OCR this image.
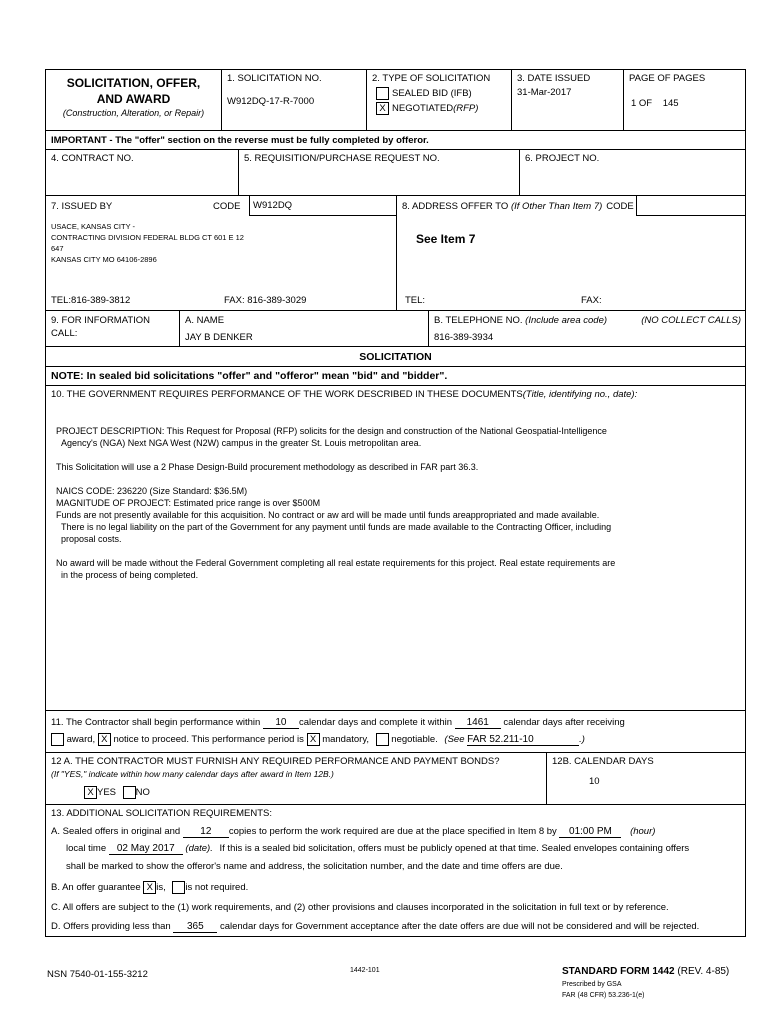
SOLICITATION, OFFER,
AND AWARD
(Construction, Alteration, or Repair)
1. SOLICITATION NO.
W912DQ-17-R-7000
2. TYPE OF SOLICITATION
SEALED BID (IFB)
X NEGOTIATED(RFP)
3. DATE ISSUED
31-Mar-2017
PAGE OF PAGES
1 OF 145
IMPORTANT - The "offer" section on the reverse must be fully completed by offeror.
4. CONTRACT NO.	5. REQUISITION/PURCHASE REQUEST NO.	6. PROJECT NO.
7. ISSUED BY	CODE	W912DQ
USACE, KANSAS CITY -
CONTRACTING DIVISION FEDERAL BLDG CT 601 E 12
647
KANSAS CITY MO 64106-2896
TEL:816-389-3812	FAX: 816-389-3029
8. ADDRESS OFFER TO (If Other Than Item 7) CODE
See Item 7
TEL:	FAX:
9. FOR INFORMATION
CALL:
A. NAME
JAY B DENKER
B. TELEPHONE NO. (Include area code)	(NO COLLECT CALLS)
816-389-3934
SOLICITATION
NOTE: In sealed bid solicitations "offer" and "offeror" mean "bid" and "bidder".
10. THE GOVERNMENT REQUIRES PERFORMANCE OF THE WORK DESCRIBED IN THESE DOCUMENTS(Title, identifying no., date):
PROJECT DESCRIPTION: This Request for Proposal (RFP) solicits for the design and construction of the National Geospatial-Intelligence
Agency's (NGA) Next NGA West (N2W) campus in the greater St. Louis metropolitan area.
This Solicitation will use a 2 Phase Design-Build procurement methodology as described in FAR part 36.3.
NAICS CODE: 236220 (Size Standard: $36.5M)
MAGNITUDE OF PROJECT: Estimated price range is over $500M
Funds are not presently available for this acquisition. No contract or aw ard will be made until funds areappropriated and made available.
There is no legal liability on the part of the Government for any payment until funds are made available to the Contracting Officer, including
proposal costs.
No award will be made without the Federal Government completing all real estate requirements for this project. Real estate requirements are
in the process of being completed.
11. The Contractor shall begin performance within 10 calendar days and complete it within 1461 calendar days after receiving
award, X notice to proceed. This performance period is X mandatory, negotiable. (See FAR 52.211-10	.)
12 A. THE CONTRACTOR MUST FURNISH ANY REQUIRED PERFORMANCE AND PAYMENT BONDS?
(If "YES," indicate within how many calendar days after award in Item 12B.)
X YES NO
12B. CALENDAR DAYS
10
13. ADDITIONAL SOLICITATION REQUIREMENTS:
A. Sealed offers in original and 12 copies to perform the work required are due at the place specified in Item 8 by 01:00 PM (hour)
local time 02 May 2017 (date). If this is a sealed bid solicitation, offers must be publicly opened at that time. Sealed envelopes containing offers
shall be marked to show the offeror's name and address, the solicitation number, and the date and time offers are due.
B. An offer guarantee X is, is not required.
C. All offers are subject to the (1) work requirements, and (2) other provisions and clauses incorporated in the solicitation in full text or by reference.
D. Offers providing less than 365 calendar days for Government acceptance after the date offers are due will not be considered and will be rejected.
NSN 7540-01-155-3212	1442-101	STANDARD FORM 1442 (REV. 4-85)
Prescribed by GSA
FAR (48 CFR) 53.236-1(e)
